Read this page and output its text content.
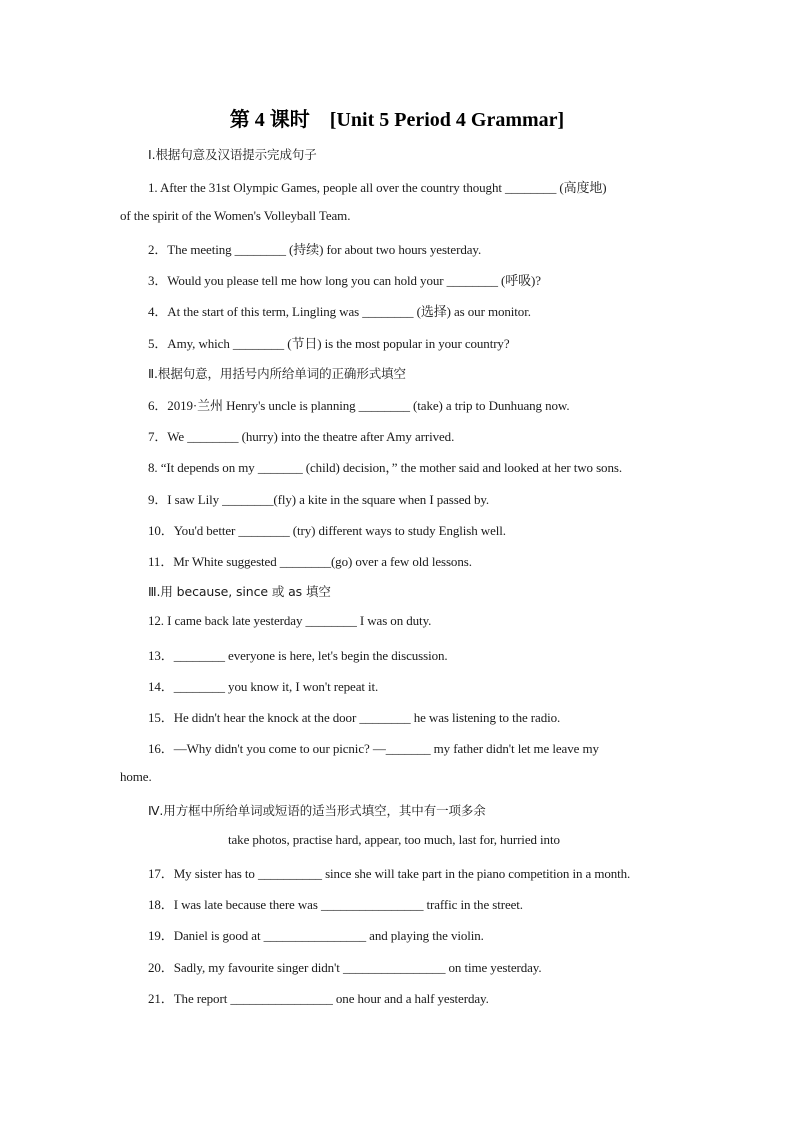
第 4 课时　[Unit 5 Period 4 Grammar]
Ⅰ.根据句意及汉语提示完成句子
1. After the 31st Olympic Games, people all over the country thought ________ (高度地)
of the spirit of the Women's Volleyball Team.
2．The meeting ________ (持续) for about two hours yesterday.
3．Would you please tell me how long you can hold your ________ (呼吸)?
4．At the start of this term, Lingling was ________ (选择) as our monitor.
5．Amy, which ________ (节日) is the most popular in your country?
Ⅱ.根据句意，用括号内所给单词的正确形式填空
6．2019·兰州 Henry's uncle is planning ________ (take) a trip to Dunhuang now.
7．We ________ (hurry) into the theatre after Amy arrived.
8. “It depends on my _______ (child) decision，” the mother said and looked at her two sons.
9．I saw Lily ________(fly) a kite in the square when I passed by.
10．You'd better ________ (try) different ways to study English well.
11．Mr White suggested ________(go) over a few old lessons.
Ⅲ.用 because, since 或 as 填空
12. I came back late yesterday ________ I was on duty.
13．________ everyone is here, let's begin the discussion.
14．________ you know it, I won't repeat it.
15．He didn't hear the knock at the door ________ he was listening to the radio.
16．—Why didn't you come to our picnic? —_______ my father didn't let me leave my
home.
Ⅳ.用方框中所给单词或短语的适当形式填空，其中有一项多余
take photos, practise hard, appear, too much, last for, hurried into
17．My sister has to __________ since she will take part in the piano competition in a month.
18．I was late because there was ________________ traffic in the street.
19．Daniel is good at ________________ and playing the violin.
20．Sadly, my favourite singer didn't ________________ on time yesterday.
21．The report ________________ one hour and a half yesterday.
